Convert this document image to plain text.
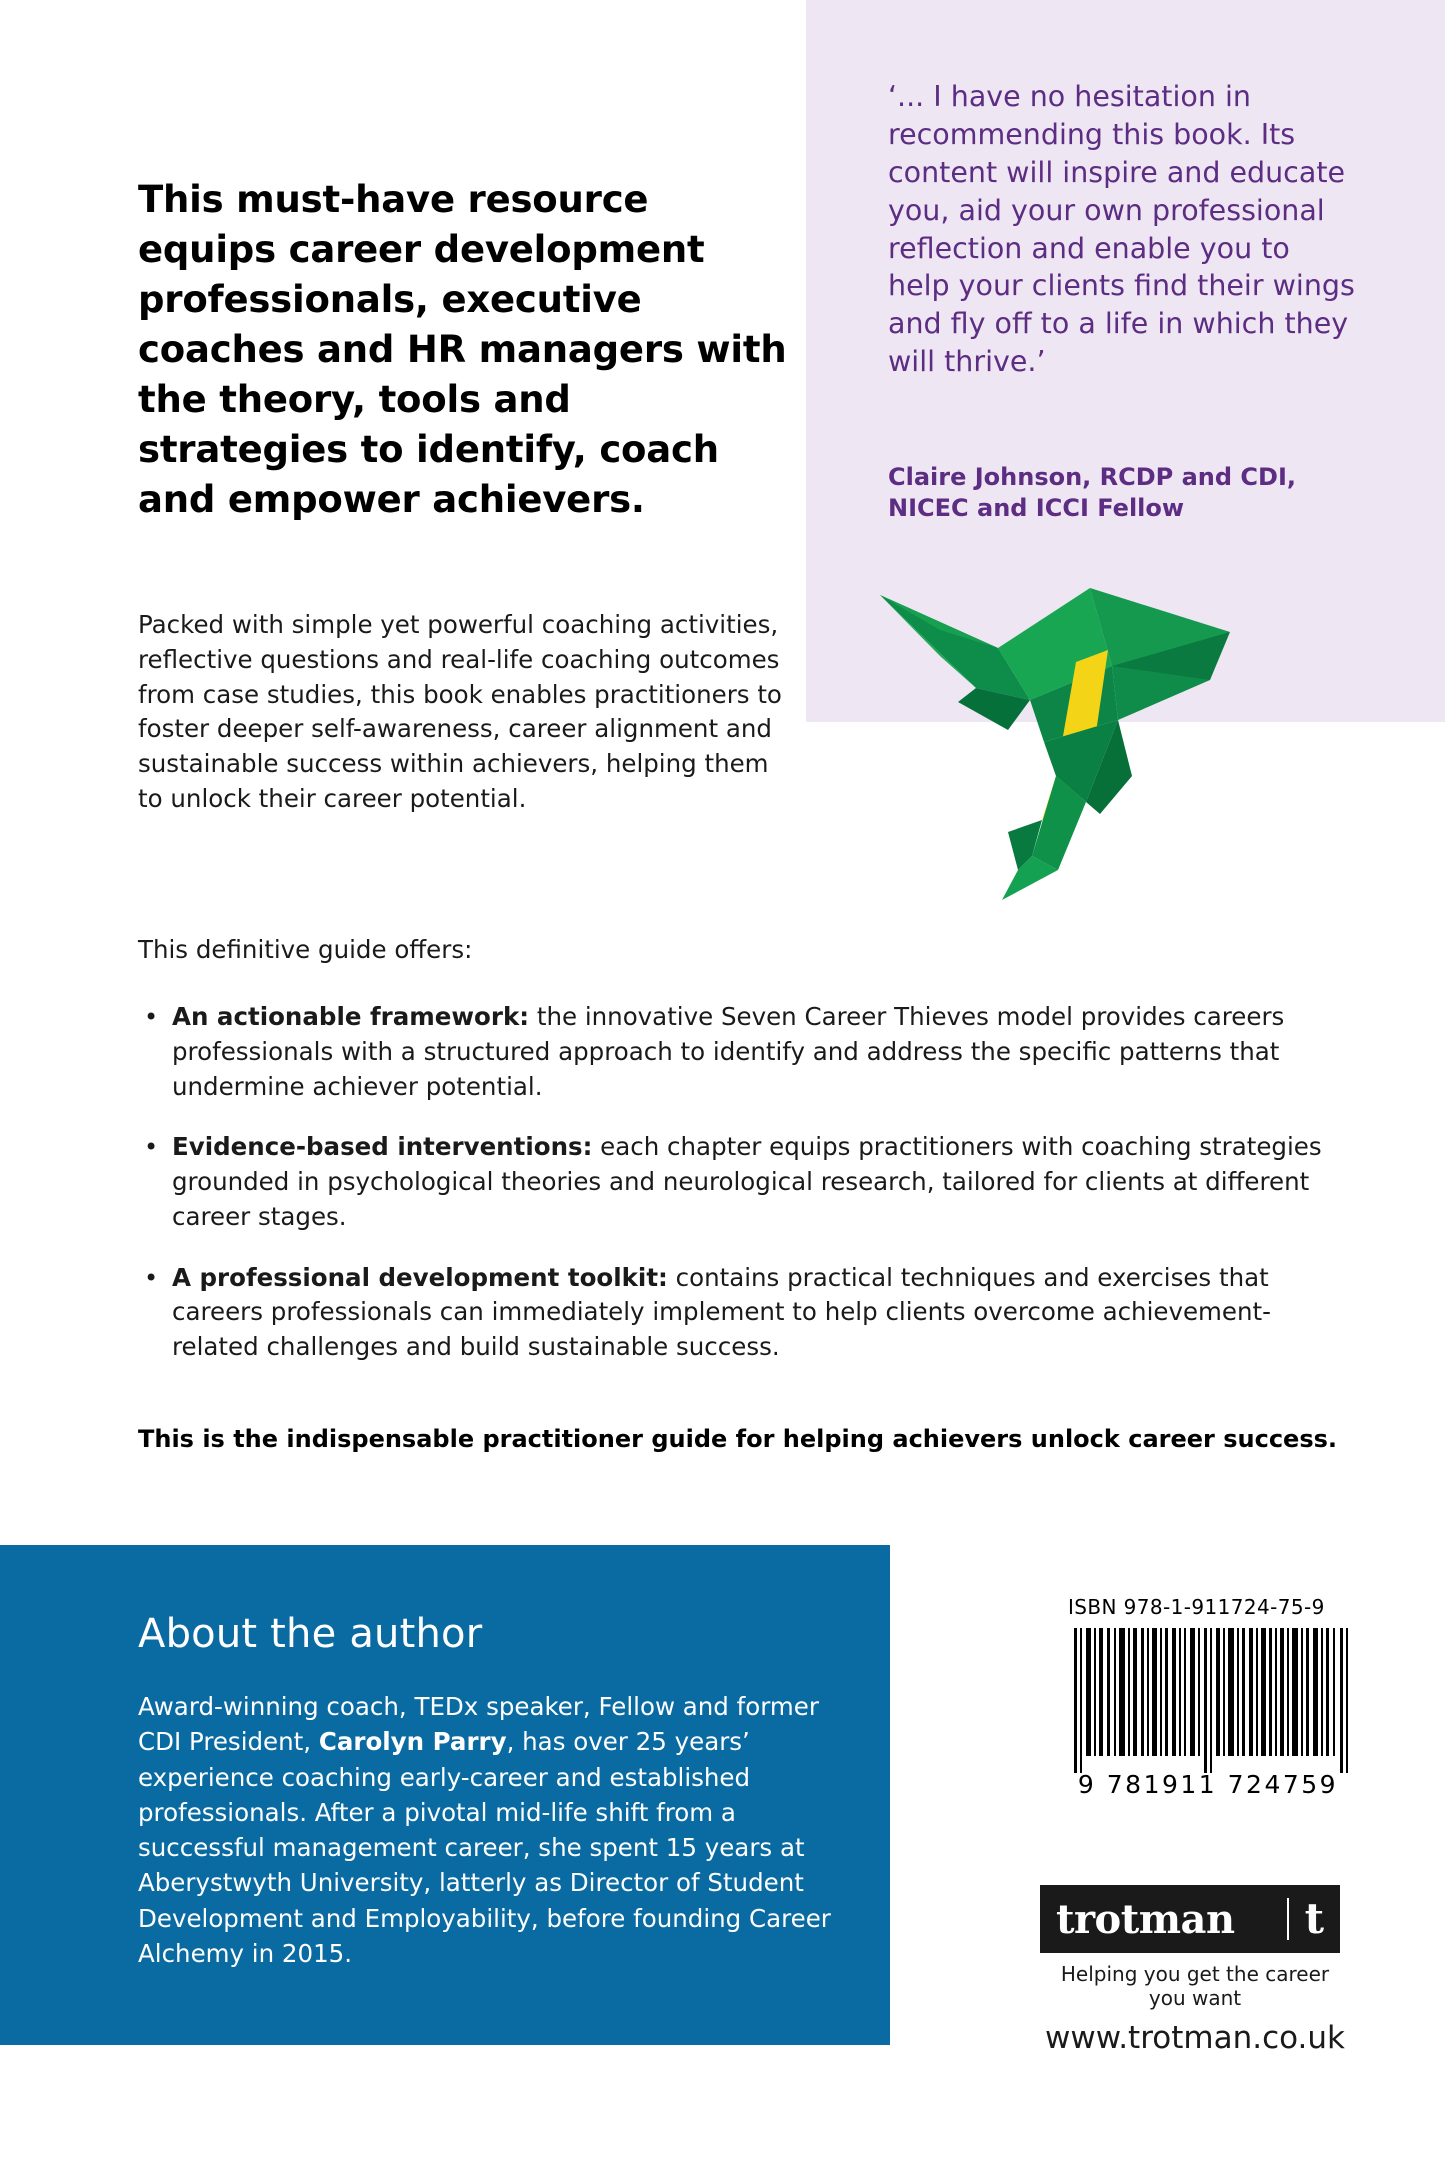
‘... I have no hesitation in recommending this book. Its content will inspire and educate you, aid your own professional reflection and enable you to help your clients find their wings and fly off to a life in which they will thrive.’
Claire Johnson, RCDP and CDI, NICEC and ICCI Fellow
This must-have resource equips career development professionals, executive coaches and HR managers with the theory, tools and strategies to identify, coach and empower achievers.
Packed with simple yet powerful coaching activities, reflective questions and real-life coaching outcomes from case studies, this book enables practitioners to foster deeper self-awareness, career alignment and sustainable success within achievers, helping them to unlock their career potential.
This definitive guide offers:
• An actionable framework: the innovative Seven Career Thieves model provides careers professionals with a structured approach to identify and address the specific patterns that undermine achiever potential.
• Evidence-based interventions: each chapter equips practitioners with coaching strategies grounded in psychological theories and neurological research, tailored for clients at different career stages.
• A professional development toolkit: contains practical techniques and exercises that careers professionals can immediately implement to help clients overcome achievement-related challenges and build sustainable success.
This is the indispensable practitioner guide for helping achievers unlock career success.
About the author
Award-winning coach, TEDx speaker, Fellow and former CDI President, Carolyn Parry, has over 25 years’ experience coaching early-career and established professionals. After a pivotal mid-life shift from a successful management career, she spent 15 years at Aberystwyth University, latterly as Director of Student Development and Employability, before founding Career Alchemy in 2015.
ISBN 978-1-911724-75-9
9 781911 724759
trotman	t
Helping you get the career you want
www.trotman.co.uk
